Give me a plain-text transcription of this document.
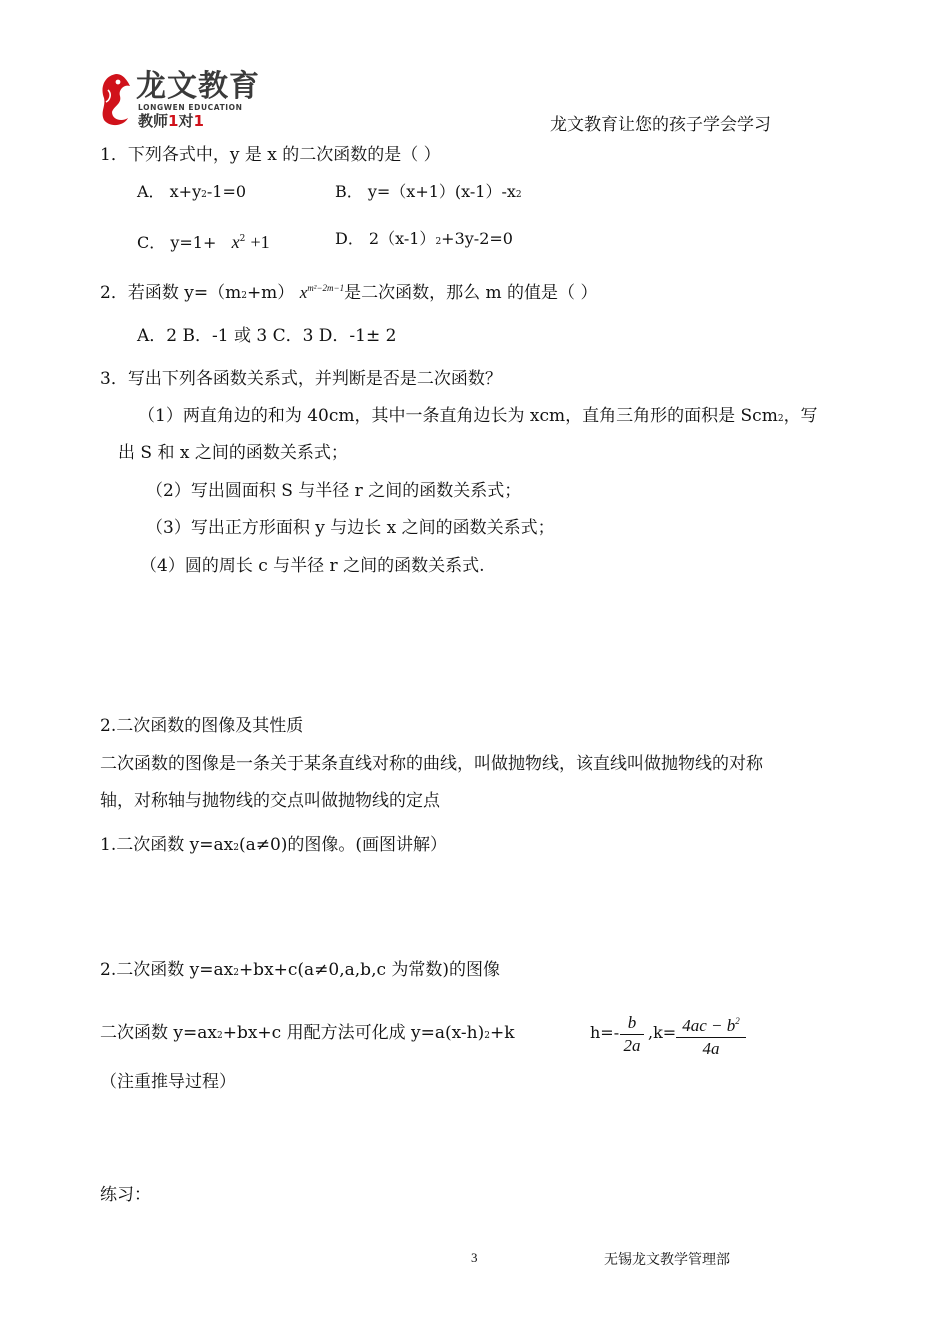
龙文教育
LONGWEN EDUCATION
教师1对1	龙文教育让您的孩子学会学习
1．下列各式中，y 是 x 的二次函数的是（ ）
A． x+y2-1=0	B． y=（x+1）(x-1）-x2
C． $y=1+ x^2 +1$	D． 2（x-1）2+3y-2=0
2．若函数 y=（m2+m） $x^{m^2-2m-1}$是二次函数，那么 m 的值是（ ）
A．2 B．-1 或 3 C．3 D．-1± 2
3．写出下列各函数关系式，并判断是否是二次函数？
（1）两直角边的和为 40cm，其中一条直角边长为 xcm，直角三角形的面积是 Scm2，写
出 S 和 x 之间的函数关系式；
（2）写出圆面积 S 与半径 r 之间的函数关系式；
（3）写出正方形面积 y 与边长 x 之间的函数关系式；
（4）圆的周长 c 与半径 r 之间的函数关系式.
2.二次函数的图像及其性质
二次函数的图像是一条关于某条直线对称的曲线，叫做抛物线，该直线叫做抛物线的对称
轴，对称轴与抛物线的交点叫做抛物线的定点
1.二次函数 y=ax2(a≠0)的图像。(画图讲解）
2.二次函数 y=ax2+bx+c(a≠0,a,b,c 为常数)的图像
二次函数 y=ax2+bx+c 用配方法可化成 y=a(x-h)2+k	$h=- \frac{b}{2a} ,k= \frac{4ac - b^2}{4a}$
（注重推导过程）
练习：
3	无锡龙文教学管理部
